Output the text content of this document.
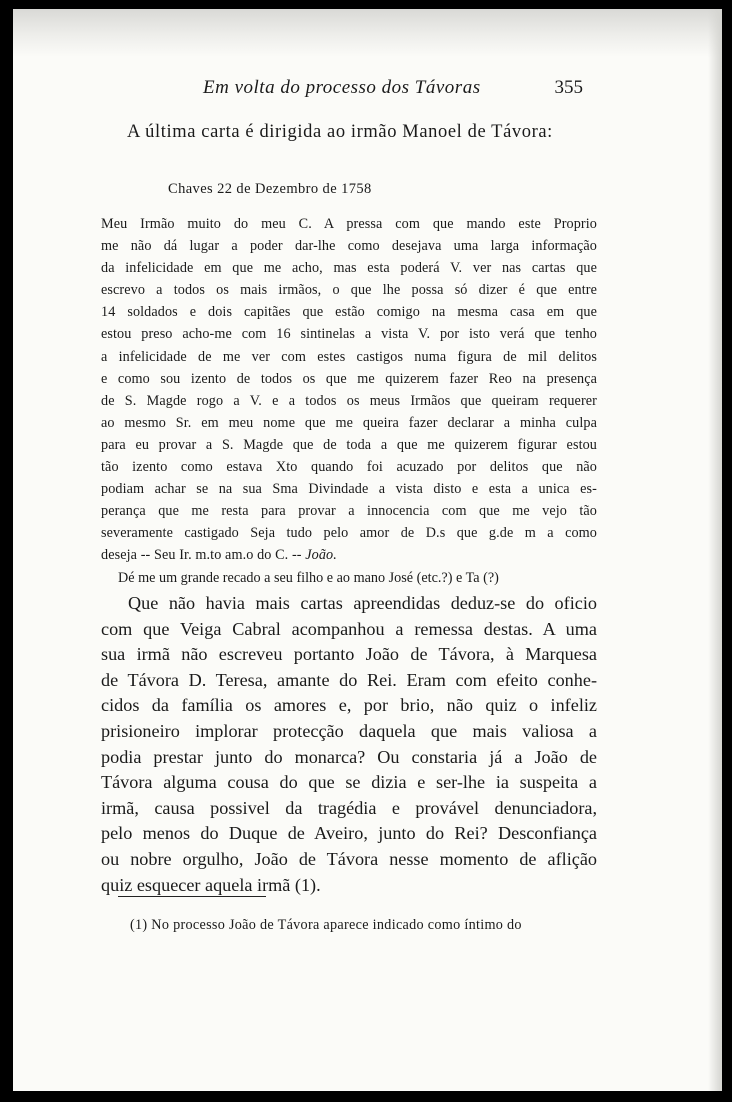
Em volta do processo dos Távoras	355
A última carta é dirigida ao irmão Manoel de Távora:
Chaves 22 de Dezembro de 1758
Meu Irmão muito do meu C. A pressa com que mando este Proprio
me não dá lugar a poder dar-lhe como desejava uma larga informação
da infelicidade em que me acho, mas esta poderá V. ver nas cartas que
escrevo a todos os mais irmãos, o que lhe possa só dizer é que entre
14 soldados e dois capitães que estão comigo na mesma casa em que
estou preso acho-me com 16 sintinelas a vista V. por isto verá que tenho
a infelicidade de me ver com estes castigos numa figura de mil delitos
e como sou izento de todos os que me quizerem fazer Reo na presença
de S. Magde rogo a V. e a todos os meus Irmãos que queiram requerer
ao mesmo Sr. em meu nome que me queira fazer declarar a minha culpa
para eu provar a S. Magde que de toda a que me quizerem figurar estou
tão izento como estava Xto quando foi acuzado por delitos que não
podiam achar se na sua Sma Divindade a vista disto e esta a unica es-
perança que me resta para provar a innocencia com que me vejo tão
severamente castigado Seja tudo pelo amor de D.s que g.de m a como
deseja -- Seu Ir. m.to am.o do C. -- João.
Dé me um grande recado a seu filho e ao mano José (etc.?) e Ta (?)
Que não havia mais cartas apreendidas deduz-se do oficio
com que Veiga Cabral acompanhou a remessa destas. A uma
sua irmã não escreveu portanto João de Távora, à Marquesa
de Távora D. Teresa, amante do Rei. Eram com efeito conhe-
cidos da família os amores e, por brio, não quiz o infeliz
prisioneiro implorar protecção daquela que mais valiosa a
podia prestar junto do monarca? Ou constaria já a João de
Távora alguma cousa do que se dizia e ser-lhe ia suspeita a
irmã, causa possivel da tragédia e provável denunciadora,
pelo menos do Duque de Aveiro, junto do Rei? Desconfiança
ou nobre orgulho, João de Távora nesse momento de aflição
quiz esquecer aquela irmã (1).
(1) No processo João de Távora aparece indicado como íntimo do
